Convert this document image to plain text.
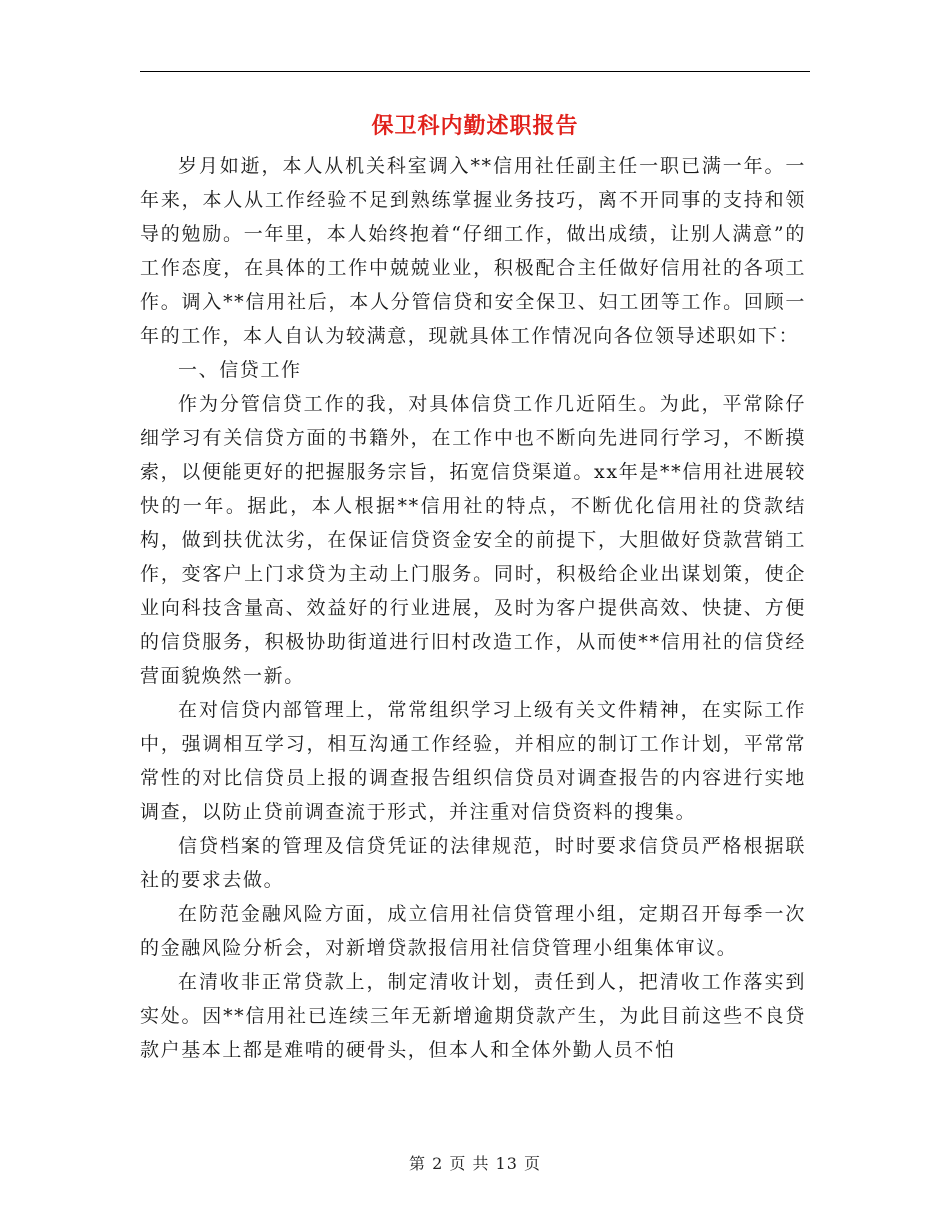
保卫科内勤述职报告

岁月如逝，本人从机关科室调入**信用社任副主任一职已满一年。一年来，本人从工作经验不足到熟练掌握业务技巧，离不开同事的支持和领导的勉励。一年里，本人始终抱着“仔细工作，做出成绩，让别人满意”的工作态度，在具体的工作中兢兢业业，积极配合主任做好信用社的各项工作。调入**信用社后，本人分管信贷和安全保卫、妇工团等工作。回顾一年的工作，本人自认为较满意，现就具体工作情况向各位领导述职如下：

一、信贷工作

作为分管信贷工作的我，对具体信贷工作几近陌生。为此，平常除仔细学习有关信贷方面的书籍外，在工作中也不断向先进同行学习，不断摸索，以便能更好的把握服务宗旨，拓宽信贷渠道。xx年是**信用社进展较快的一年。据此，本人根据**信用社的特点，不断优化信用社的贷款结构，做到扶优汰劣，在保证信贷资金安全的前提下，大胆做好贷款营销工作，变客户上门求贷为主动上门服务。同时，积极给企业出谋划策，使企业向科技含量高、效益好的行业进展，及时为客户提供高效、快捷、方便的信贷服务，积极协助街道进行旧村改造工作，从而使**信用社的信贷经营面貌焕然一新。

在对信贷内部管理上，常常组织学习上级有关文件精神，在实际工作中，强调相互学习，相互沟通工作经验，并相应的制订工作计划，平常常常性的对比信贷员上报的调查报告组织信贷员对调查报告的内容进行实地调查，以防止贷前调查流于形式，并注重对信贷资料的搜集。

信贷档案的管理及信贷凭证的法律规范，时时要求信贷员严格根据联社的要求去做。

在防范金融风险方面，成立信用社信贷管理小组，定期召开每季一次的金融风险分析会，对新增贷款报信用社信贷管理小组集体审议。

在清收非正常贷款上，制定清收计划，责任到人，把清收工作落实到实处。因**信用社已连续三年无新增逾期贷款产生，为此目前这些不良贷款户基本上都是难啃的硬骨头，但本人和全体外勤人员不怕

第 2 页 共 13 页
